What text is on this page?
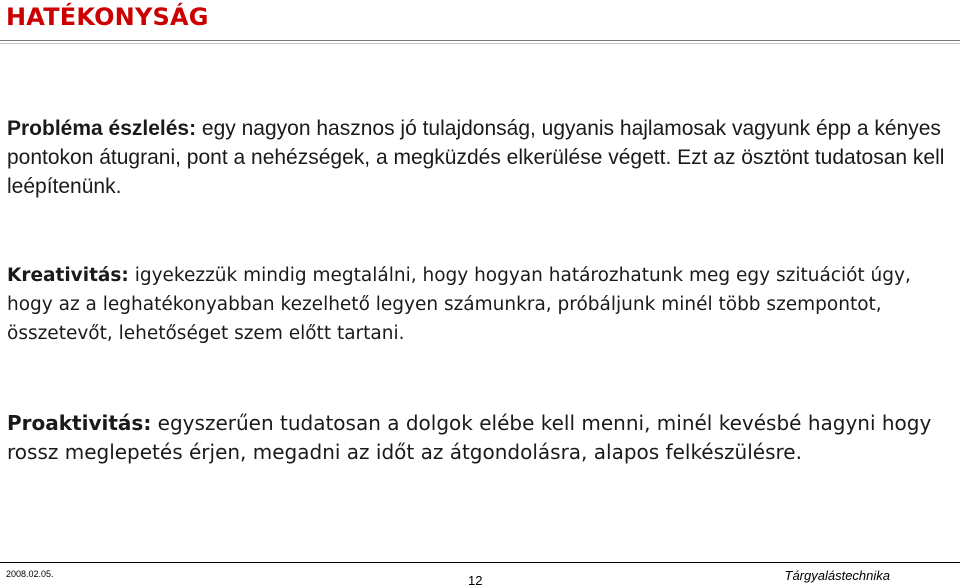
HATÉKONYSÁG

Probléma észlelés: egy nagyon hasznos jó tulajdonság, ugyanis hajlamosak vagyunk épp a kényes pontokon átugrani, pont a nehézségek, a megküzdés elkerülése végett. Ezt az ösztönt tudatosan kell leépítenünk.

Kreativitás: igyekezzük mindig megtalálni, hogy hogyan határozhatunk meg egy szituációt úgy, hogy az a leghatékonyabban kezelhető legyen számunkra, próbáljunk minél több szempontot, összetevőt, lehetőséget szem előtt tartani.

Proaktivitás: egyszerűen tudatosan a dolgok elébe kell menni, minél kevésbé hagyni hogy rossz meglepetés érjen, megadni az időt az átgondolásra, alapos felkészülésre.

2008.02.05.	12	Tárgyalástechnika
